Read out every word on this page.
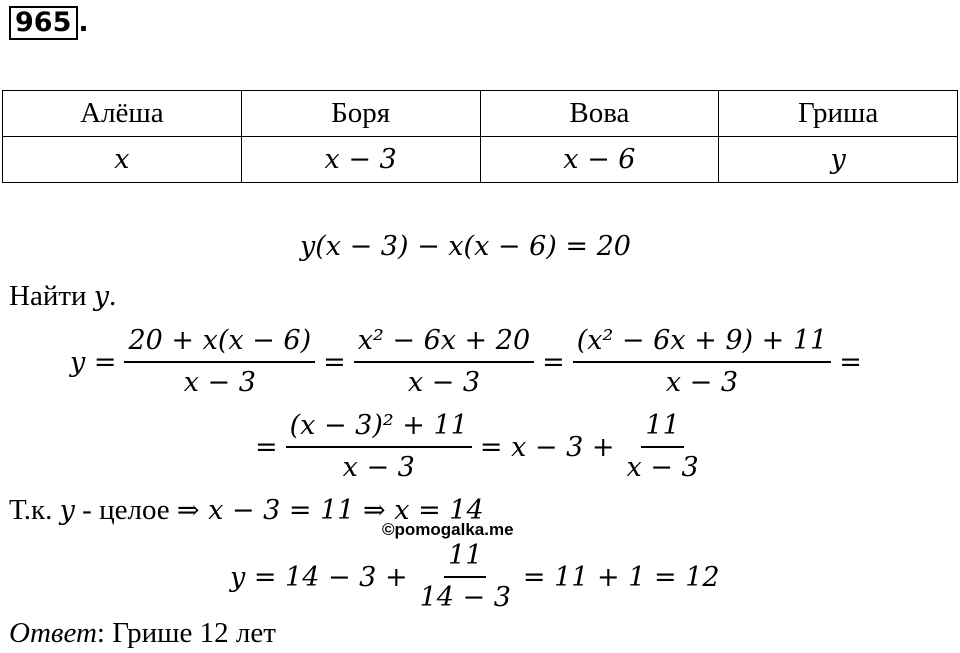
965 .
Алёша	Боря	Вова	Гриша
x	x − 3	x − 6	y
y(x − 3) − x(x − 6) = 20
Найти y.
$y = \frac{20 + x(x - 6)}{x - 3} = \frac{\text{x² − 6x + 20}}{x - 3} = \frac{\text{(x² − 6x + 9) + 11}}{x - 3}$ =
= $\frac{\text{(x − 3)² + 11}}{x - 3} = x - 3 + \frac{11}{x - 3}$
Т.к. y - целое ⇒ x − 3 = 11 ⇒ x = 14
©pomogalka.me
$y = 14 - 3 + \frac{11}{14 - 3} = 11 + 1 = 12$
Ответ: Грише 12 лет
